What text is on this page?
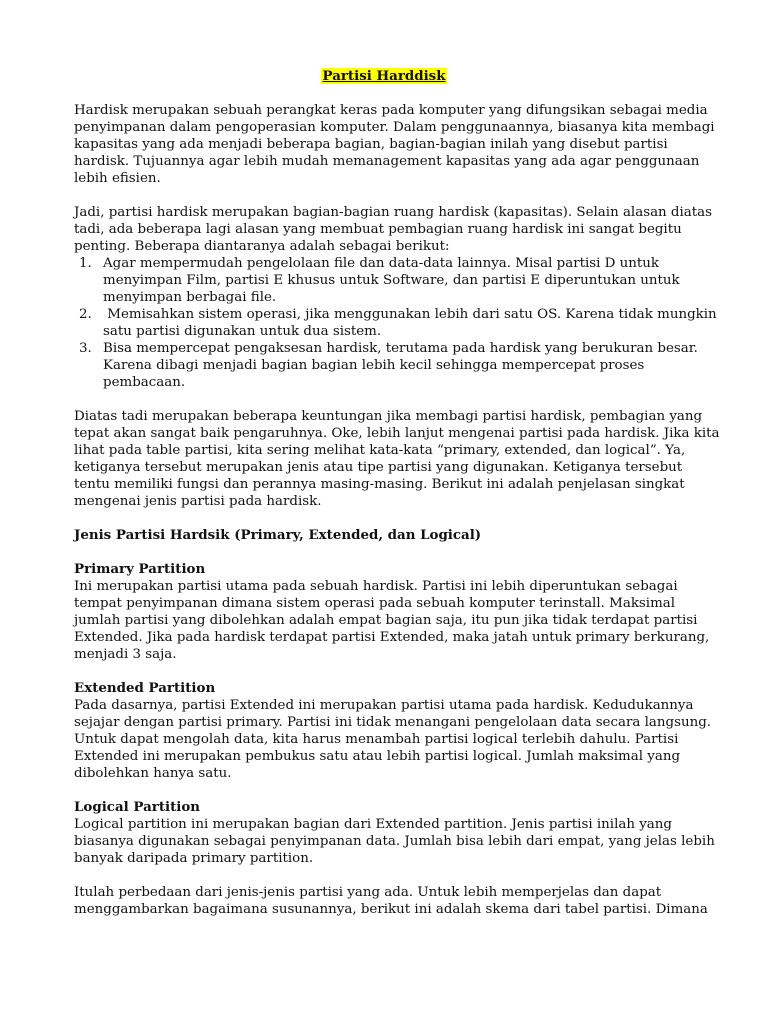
Partisi Harddisk

Hardisk merupakan sebuah perangkat keras pada komputer yang difungsikan sebagai media
penyimpanan dalam pengoperasian komputer. Dalam penggunaannya, biasanya kita membagi
kapasitas yang ada menjadi beberapa bagian, bagian-bagian inilah yang disebut partisi
hardisk. Tujuannya agar lebih mudah memanagement kapasitas yang ada agar penggunaan
lebih efisien.

Jadi, partisi hardisk merupakan bagian-bagian ruang hardisk (kapasitas). Selain alasan diatas
tadi, ada beberapa lagi alasan yang membuat pembagian ruang hardisk ini sangat begitu
penting. Beberapa diantaranya adalah sebagai berikut:

1. Agar mempermudah pengelolaan file dan data-data lainnya. Misal partisi D untuk
menyimpan Film, partisi E khusus untuk Software, dan partisi E diperuntukan untuk
menyimpan berbagai file.
2. Memisahkan sistem operasi, jika menggunakan lebih dari satu OS. Karena tidak mungkin
satu partisi digunakan untuk dua sistem.
3. Bisa mempercepat pengaksesan hardisk, terutama pada hardisk yang berukuran besar.
Karena dibagi menjadi bagian bagian lebih kecil sehingga mempercepat proses
pembacaan.

Diatas tadi merupakan beberapa keuntungan jika membagi partisi hardisk, pembagian yang
tepat akan sangat baik pengaruhnya. Oke, lebih lanjut mengenai partisi pada hardisk. Jika kita
lihat pada table partisi, kita sering melihat kata-kata “primary, extended, dan logical”. Ya,
ketiganya tersebut merupakan jenis atau tipe partisi yang digunakan. Ketiganya tersebut
tentu memiliki fungsi dan perannya masing-masing. Berikut ini adalah penjelasan singkat
mengenai jenis partisi pada hardisk.

Jenis Partisi Hardsik (Primary, Extended, dan Logical)
Primary Partition

Ini merupakan partisi utama pada sebuah hardisk. Partisi ini lebih diperuntukan sebagai
tempat penyimpanan dimana sistem operasi pada sebuah komputer terinstall. Maksimal
jumlah partisi yang dibolehkan adalah empat bagian saja, itu pun jika tidak terdapat partisi
Extended. Jika pada hardisk terdapat partisi Extended, maka jatah untuk primary berkurang,
menjadi 3 saja.

Extended Partition

Pada dasarnya, partisi Extended ini merupakan partisi utama pada hardisk. Kedudukannya
sejajar dengan partisi primary. Partisi ini tidak menangani pengelolaan data secara langsung.
Untuk dapat mengolah data, kita harus menambah partisi logical terlebih dahulu. Partisi
Extended ini merupakan pembukus satu atau lebih partisi logical. Jumlah maksimal yang
dibolehkan hanya satu.

Logical Partition

Logical partition ini merupakan bagian dari Extended partition. Jenis partisi inilah yang
biasanya digunakan sebagai penyimpanan data. Jumlah bisa lebih dari empat, yang jelas lebih
banyak daripada primary partition.

Itulah perbedaan dari jenis-jenis partisi yang ada. Untuk lebih memperjelas dan dapat
menggambarkan bagaimana susunannya, berikut ini adalah skema dari tabel partisi. Dimana
